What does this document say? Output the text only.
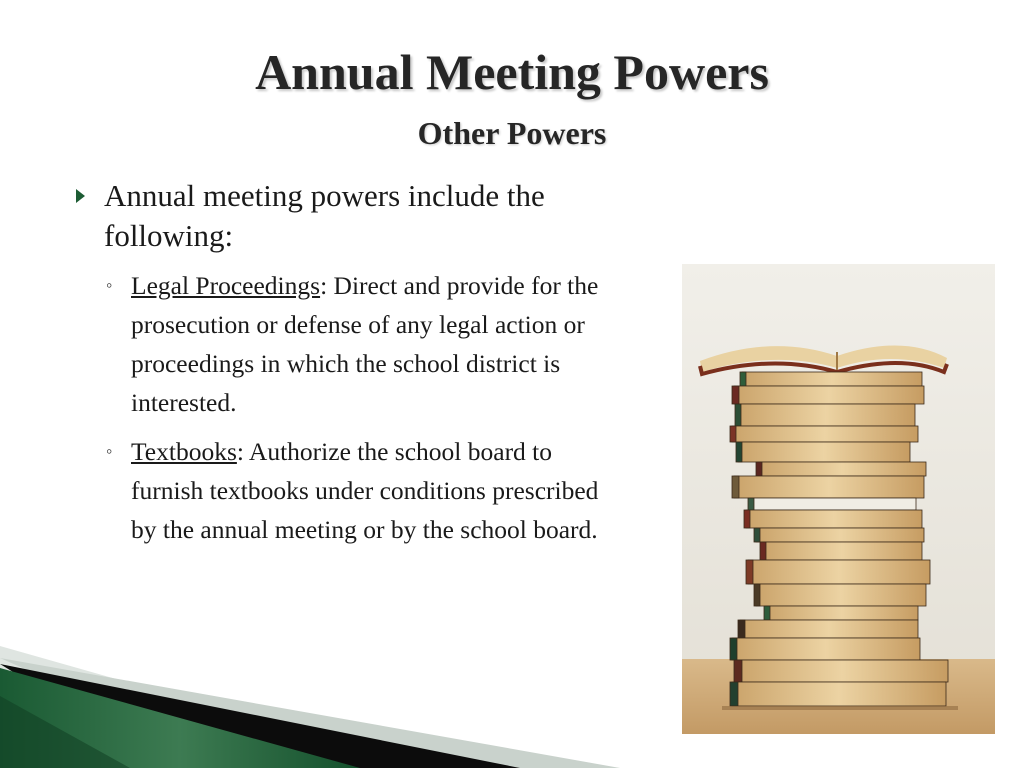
Annual Meeting Powers
Other Powers
Annual meeting powers include the following:
◦ Legal Proceedings: Direct and provide for the prosecution or defense of any legal action or proceedings in which the school district is interested.
◦ Textbooks: Authorize the school board to furnish textbooks under conditions prescribed by the annual meeting or by the school board.
